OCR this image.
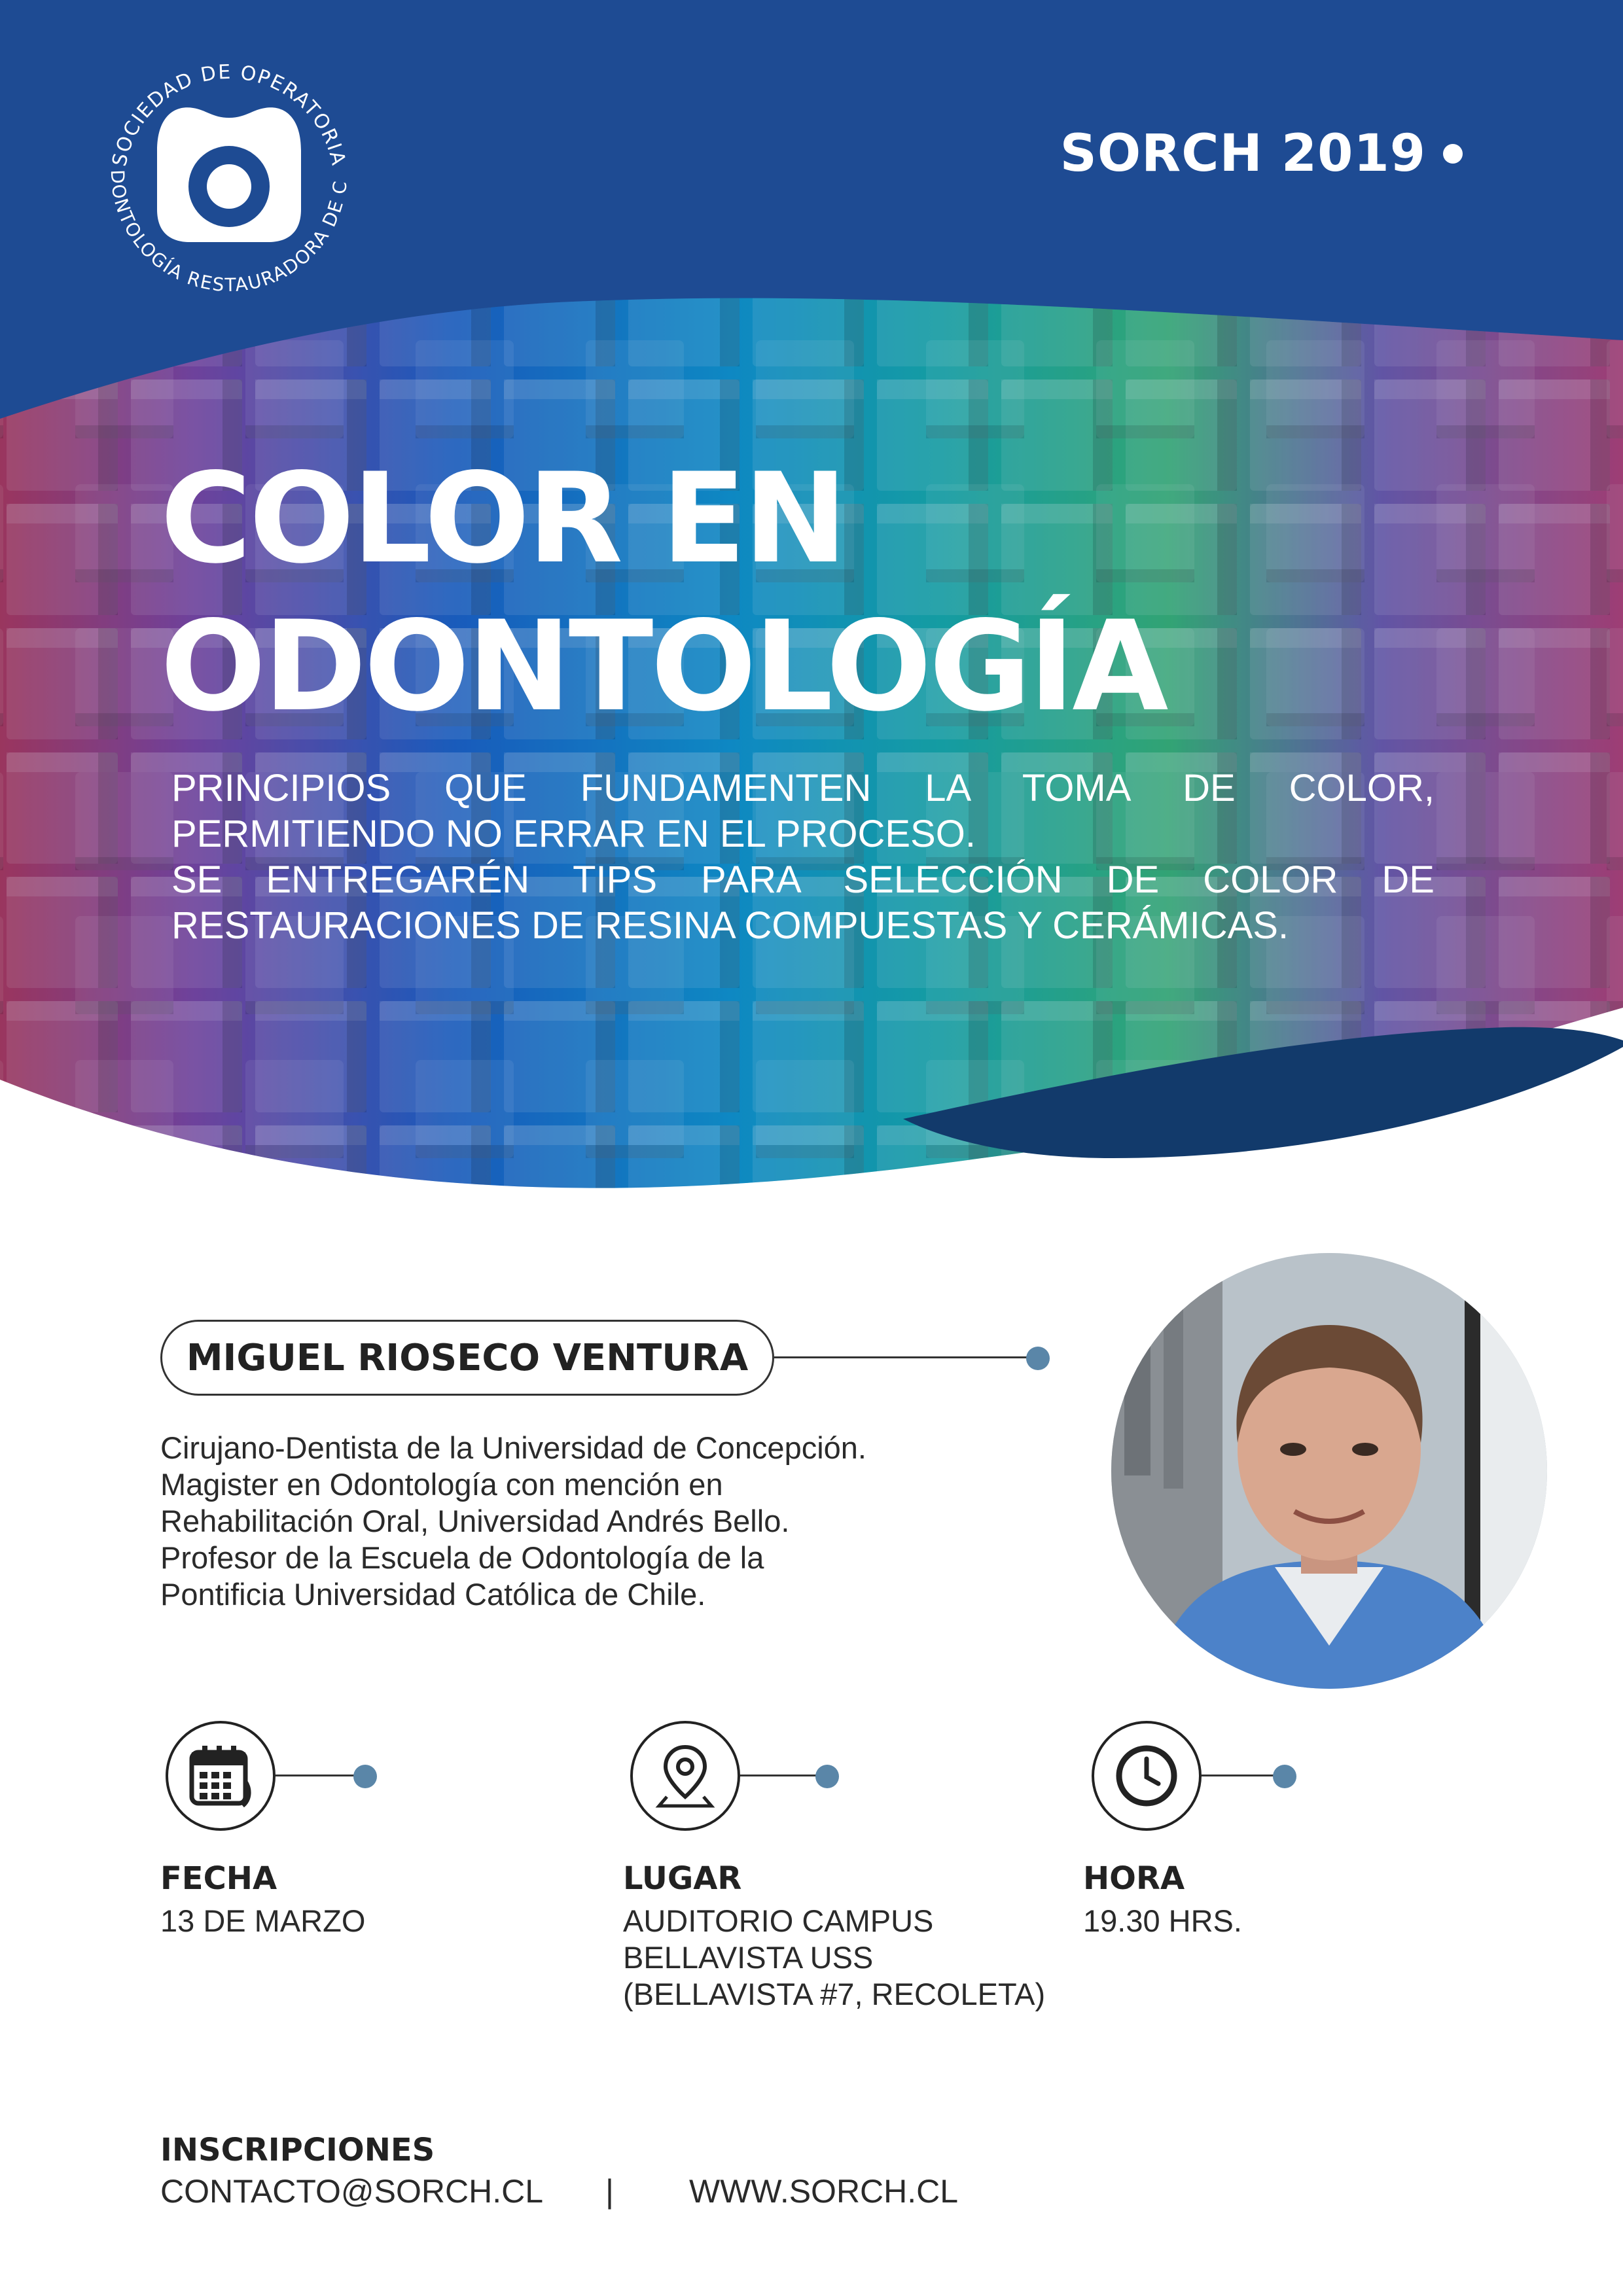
SOCIEDAD DE OPERATORIA
DONTOLOGÍA RESTAURADORA DE C
SORCH 2019
COLOR EN
ODONTOLOGÍA
PRINCIPIOS QUE FUNDAMENTEN LA TOMA DE COLOR,
PERMITIENDO NO ERRAR EN EL PROCESO.
SE ENTREGARÉN TIPS PARA SELECCIÓN DE COLOR DE
RESTAURACIONES DE RESINA COMPUESTAS Y CERÁMICAS.
MIGUEL RIOSECO VENTURA
Cirujano-Dentista de la Universidad de Concepción.
Magister en Odontología con mención en
Rehabilitación Oral, Universidad Andrés Bello.
Profesor de la Escuela de Odontología de la
Pontificia Universidad Católica de Chile.
FECHA
13 DE MARZO
LUGAR
AUDITORIO CAMPUS
BELLAVISTA USS
(BELLAVISTA #7, RECOLETA)
HORA
19.30 HRS.
INSCRIPCIONES
CONTACTO@SORCH.CL | WWW.SORCH.CL
